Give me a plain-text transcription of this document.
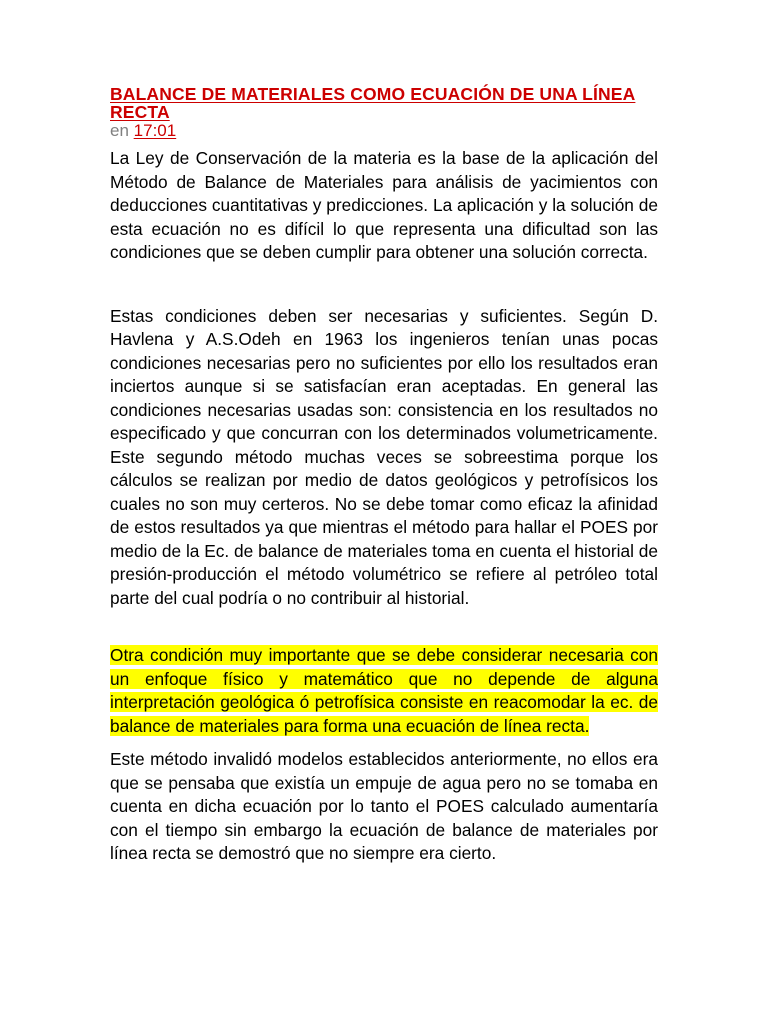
BALANCE DE MATERIALES COMO ECUACIÓN DE UNA LÍNEA RECTA
en 17:01

La Ley de Conservación de la materia es la base de la aplicación del Método de Balance de Materiales para análisis de yacimientos con deducciones cuantitativas y predicciones. La aplicación y la solución de esta ecuación no es difícil lo que representa una dificultad son las condiciones que se deben cumplir para obtener una solución correcta.

Estas condiciones deben ser necesarias y suficientes. Según D. Havlena y A.S.Odeh en 1963 los ingenieros tenían unas pocas condiciones necesarias pero no suficientes por ello los resultados eran inciertos aunque si se satisfacían eran aceptadas. En general las condiciones necesarias usadas son: consistencia en los resultados no especificado y que concurran con los determinados volumetricamente. Este segundo método muchas veces se sobreestima porque los cálculos se realizan por medio de datos geológicos y petrofísicos los cuales no son muy certeros. No se debe tomar como eficaz la afinidad de estos resultados ya que mientras el método para hallar el POES por medio de la Ec. de balance de materiales toma en cuenta el historial de presión-producción el método volumétrico se refiere al petróleo total parte del cual podría o no contribuir al historial.

Otra condición muy importante que se debe considerar necesaria con un enfoque físico y matemático que no depende de alguna interpretación geológica ó petrofísica consiste en reacomodar la ec. de balance de materiales para forma una ecuación de línea recta.

Este método invalidó modelos establecidos anteriormente, no ellos era que se pensaba que existía un empuje de agua pero no se tomaba en cuenta en dicha ecuación por lo tanto el POES calculado aumentaría con el tiempo sin embargo la ecuación de balance de materiales por línea recta se demostró que no siempre era cierto.
